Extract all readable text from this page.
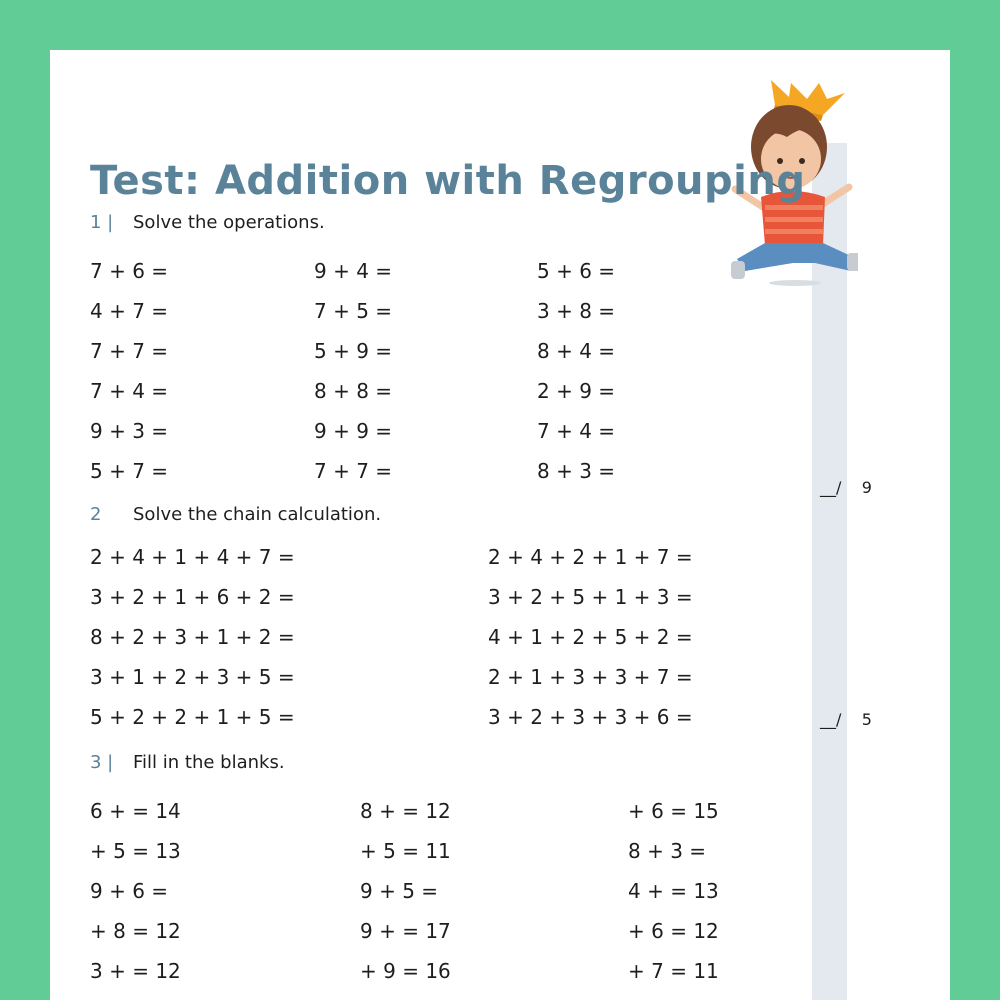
Test: Addition with Regrouping
1 | Solve the operations.
2 Solve the chain calculation.
3 | Fill in the blanks.
__/ 9
__/ 5
7 + 6 =
4 + 7 =
7 + 7 =
7 + 4 =
9 + 3 =
5 + 7 =
9 + 4 =
7 + 5 =
5 + 9 =
8 + 8 =
9 + 9 =
7 + 7 =
5 + 6 =
3 + 8 =
8 + 4 =
2 + 9 =
7 + 4 =
8 + 3 =
2 + 4 + 1 + 4 + 7 =
3 + 2 + 1 + 6 + 2 =
8 + 2 + 3 + 1 + 2 =
3 + 1 + 2 + 3 + 5 =
5 + 2 + 2 + 1 + 5 =
2 + 4 + 2 + 1 + 7 =
3 + 2 + 5 + 1 + 3 =
4 + 1 + 2 + 5 + 2 =
2 + 1 + 3 + 3 + 7 =
3 + 2 + 3 + 3 + 6 =
6 + = 14
+ 5 = 13
9 + 6 =
+ 8 = 12
3 + = 12
8 + = 12
+ 5 = 11
9 + 5 =
9 + = 17
+ 9 = 16
+ 6 = 15
8 + 3 =
4 + = 13
+ 6 = 12
+ 7 = 11
